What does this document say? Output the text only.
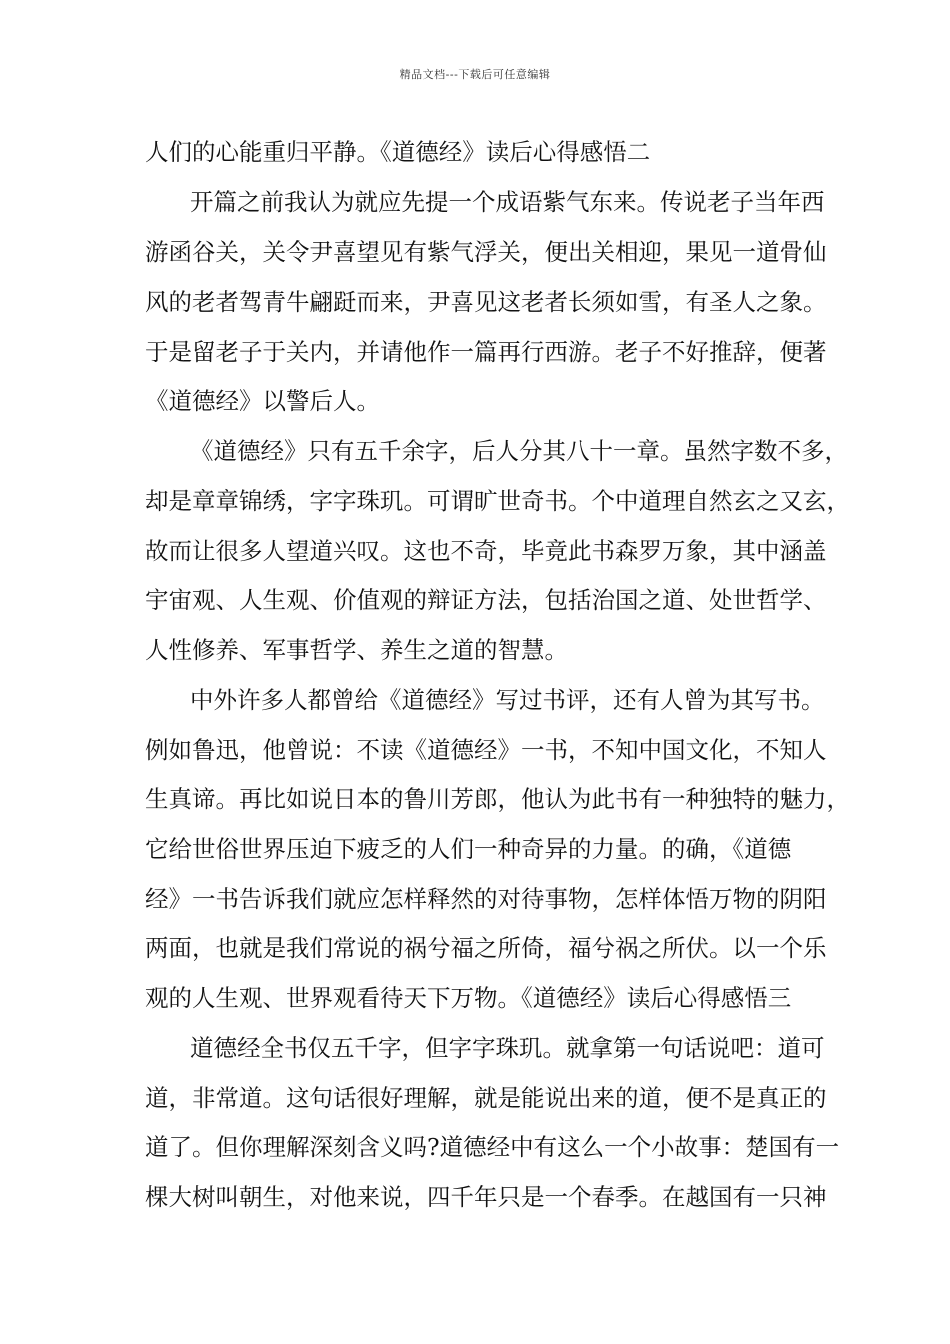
精品文档---下载后可任意编辑
人们的心能重归平静。《道德经》读后心得感悟二
开篇之前我认为就应先提一个成语紫气东来。传说老子当年西
游函谷关，关令尹喜望见有紫气浮关，便出关相迎，果见一道骨仙
风的老者驾青牛翩跹而来，尹喜见这老者长须如雪，有圣人之象。
于是留老子于关内，并请他作一篇再行西游。老子不好推辞，便著
《道德经》以警后人。
《道德经》只有五千余字，后人分其八十一章。虽然字数不多，
却是章章锦绣，字字珠玑。可谓旷世奇书。个中道理自然玄之又玄，
故而让很多人望道兴叹。这也不奇，毕竟此书森罗万象，其中涵盖
宇宙观、人生观、价值观的辩证方法，包括治国之道、处世哲学、
人性修养、军事哲学、养生之道的智慧。
中外许多人都曾给《道德经》写过书评，还有人曾为其写书。
例如鲁迅，他曾说：不读《道德经》一书，不知中国文化，不知人
生真谛。再比如说日本的鲁川芳郎，他认为此书有一种独特的魅力，
它给世俗世界压迫下疲乏的人们一种奇异的力量。的确，《道德
经》一书告诉我们就应怎样释然的对待事物，怎样体悟万物的阴阳
两面，也就是我们常说的祸兮福之所倚，福兮祸之所伏。以一个乐
观的人生观、世界观看待天下万物。《道德经》读后心得感悟三
道德经全书仅五千字，但字字珠玑。就拿第一句话说吧：道可
道，非常道。这句话很好理解，就是能说出来的道，便不是真正的
道了。但你理解深刻含义吗?道德经中有这么一个小故事：楚国有一
棵大树叫朝生，对他来说，四千年只是一个春季。在越国有一只神
